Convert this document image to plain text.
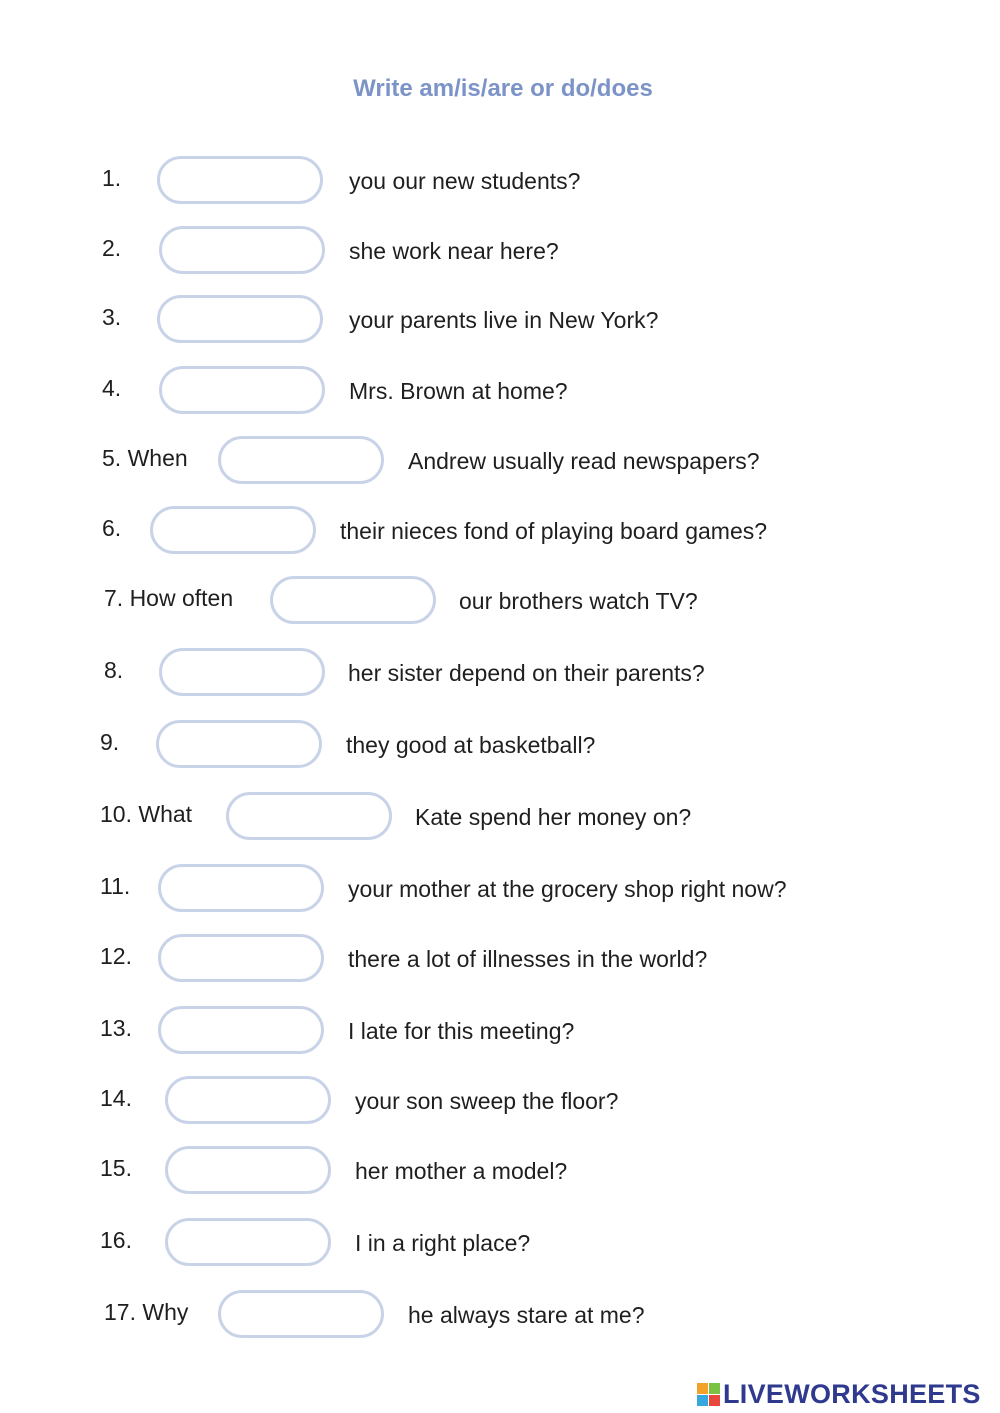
Write am/is/are or do/does
1.	you our new students?
2.	she work near here?
3.	your parents live in New York?
4.	Mrs. Brown at home?
5. When	Andrew usually read newspapers?
6.	their nieces fond of playing board games?
7. How often	our brothers watch TV?
8.	her sister depend on their parents?
9.	they good at basketball?
10. What	Kate spend her money on?
11.	your mother at the grocery shop right now?
12.	there a lot of illnesses in the world?
13.	I late for this meeting?
14.	your son sweep the floor?
15.	her mother a model?
16.	I in a right place?
17. Why	he always stare at me?
LIVEWORKSHEETS
